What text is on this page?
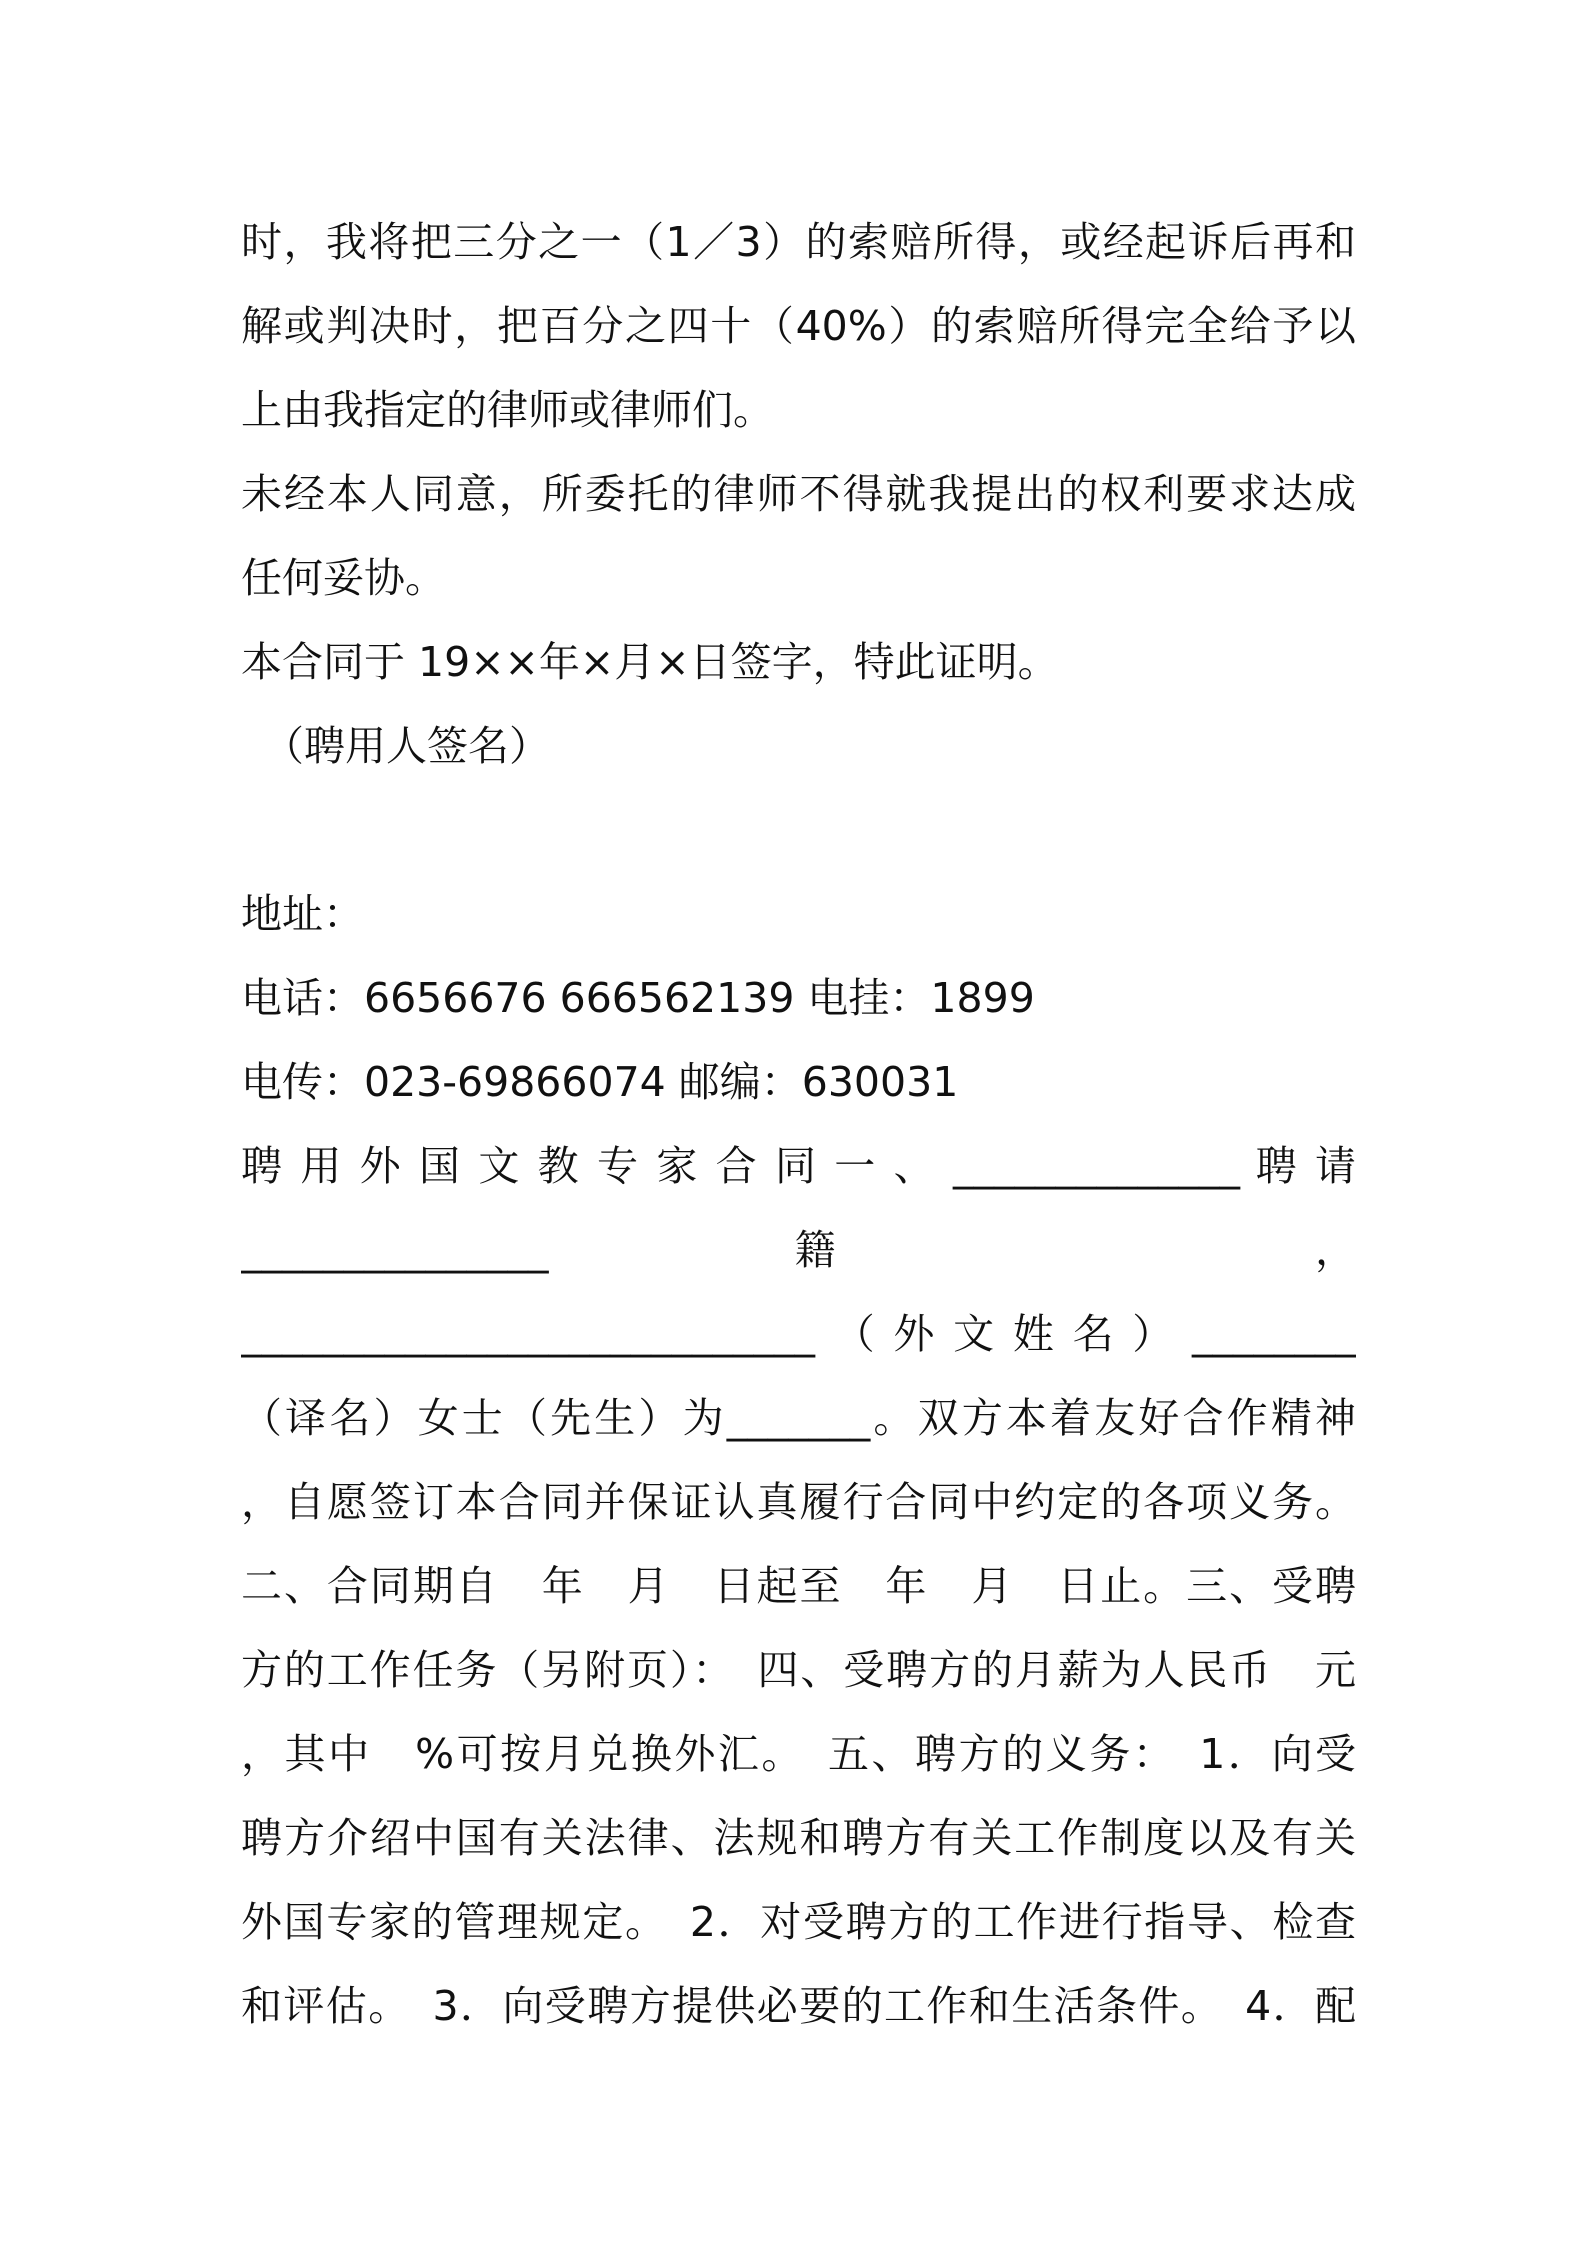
时，我将把三分之一（1／3）的索赔所得，或经起诉后再和
解或判决时，把百分之四十（40%）的索赔所得完全给予以
上由我指定的律师或律师们。
未经本人同意，所委托的律师不得就我提出的权利要求达成
任何妥协。
本合同于 19××年×月×日签字，特此证明。
（聘用人签名）
地址：
电话：6656676 666562139 电挂：1899
电传：023-69866074 邮编：630031
聘 用 外 国 文 教 专 家 合 同 一 、 ______________ 聘 请
_______________ 籍 ，
____________________________（外文姓名）________
（译名）女士（先生）为_______。双方本着友好合作精神
，自愿签订本合同并保证认真履行合同中约定的各项义务。
二、合同期自　年　月　日起至　年　月　日止。三、受聘
方的工作任务（另附页）：　四、受聘方的月薪为人民币　元
，其中　%可按月兑换外汇。　五、聘方的义务：　1．向受
聘方介绍中国有关法律、法规和聘方有关工作制度以及有关
外国专家的管理规定。　2．对受聘方的工作进行指导、检查
和评估。　3．向受聘方提供必要的工作和生活条件。　4．配
